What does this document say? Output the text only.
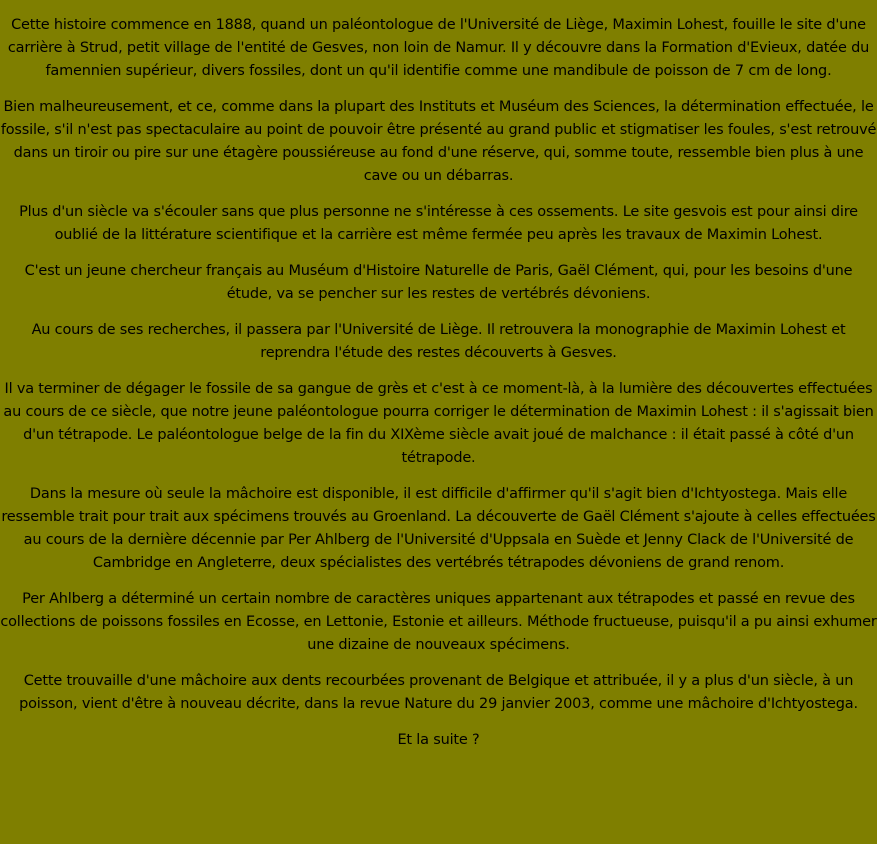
Cette histoire commence en 1888, quand un paléontologue de l'Université de Liège, Maximin Lohest, fouille le site d'une carrière à Strud, petit village de l'entité de Gesves, non loin de Namur. Il y découvre dans la Formation d'Evieux, datée du famennien supérieur, divers fossiles, dont un qu'il identifie comme une mandibule de poisson de 7 cm de long.

Bien malheureusement, et ce, comme dans la plupart des Instituts et Muséum des Sciences, la détermination effectuée, le fossile, s'il n'est pas spectaculaire au point de pouvoir être présenté au grand public et stigmatiser les foules, s'est retrouvé dans un tiroir ou pire sur une étagère poussiéreuse au fond d'une réserve, qui, somme toute, ressemble bien plus à une cave ou un débarras.

Plus d'un siècle va s'écouler sans que plus personne ne s'intéresse à ces ossements. Le site gesvois est pour ainsi dire oublié de la littérature scientifique et la carrière est même fermée peu après les travaux de Maximin Lohest.

C'est un jeune chercheur français au Muséum d'Histoire Naturelle de Paris, Gaël Clément, qui, pour les besoins d'une étude, va se pencher sur les restes de vertébrés dévoniens.

Au cours de ses recherches, il passera par l'Université de Liège. Il retrouvera la monographie de Maximin Lohest et reprendra l'étude des restes découverts à Gesves.

Il va terminer de dégager le fossile de sa gangue de grès et c'est à ce moment-là, à la lumière des découvertes effectuées au cours de ce siècle, que notre jeune paléontologue pourra corriger le détermination de Maximin Lohest : il s'agissait bien d'un tétrapode. Le paléontologue belge de la fin du XIXème siècle avait joué de malchance : il était passé à côté d'un tétrapode.

Dans la mesure où seule la mâchoire est disponible, il est difficile d'affirmer qu'il s'agit bien d'Ichtyostega. Mais elle ressemble trait pour trait aux spécimens trouvés au Groenland. La découverte de Gaël Clément s'ajoute à celles effectuées au cours de la dernière décennie par Per Ahlberg de l'Université d'Uppsala en Suède et Jenny Clack de l'Université de Cambridge en Angleterre, deux spécialistes des vertébrés tétrapodes dévoniens de grand renom.

Per Ahlberg a déterminé un certain nombre de caractères uniques appartenant aux tétrapodes et passé en revue des collections de poissons fossiles en Ecosse, en Lettonie, Estonie et ailleurs. Méthode fructueuse, puisqu'il a pu ainsi exhumer une dizaine de nouveaux spécimens.

Cette trouvaille d'une mâchoire aux dents recourbées provenant de Belgique et attribuée, il y a plus d'un siècle, à un poisson, vient d'être à nouveau décrite, dans la revue Nature du 29 janvier 2003, comme une mâchoire d'Ichtyostega.

Et la suite ?
